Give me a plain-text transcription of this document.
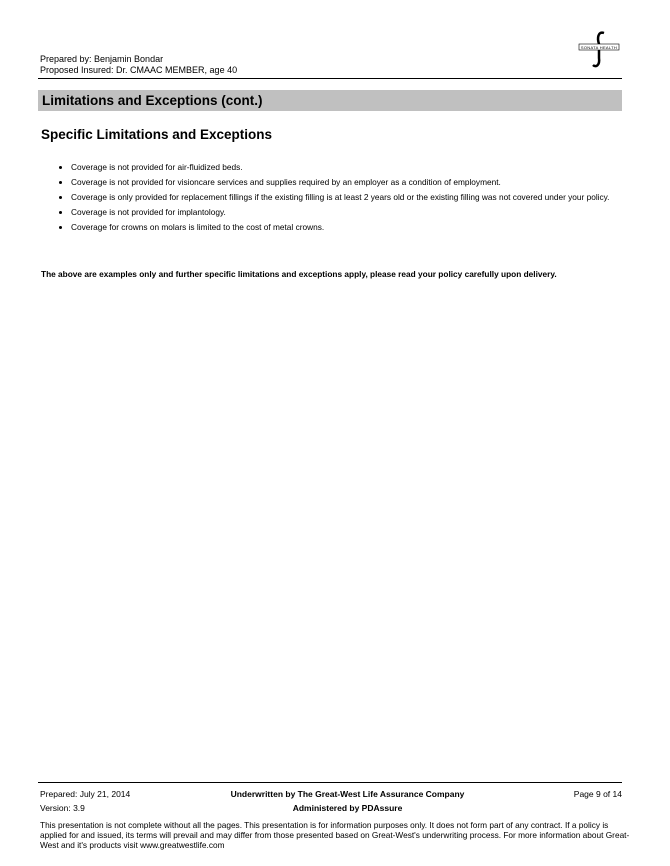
Prepared by: Benjamin Bondar
Proposed Insured: Dr. CMAAC MEMBER, age 40
SONATA HEALTH
Limitations and Exceptions (cont.)
Specific Limitations and Exceptions
• Coverage is not provided for air-fluidized beds.
• Coverage is not provided for visioncare services and supplies required by an employer as a condition of employment.
• Coverage is only provided for replacement fillings if the existing filling is at least 2 years old or the existing filling was not covered under your policy.
• Coverage is not provided for implantology.
• Coverage for crowns on molars is limited to the cost of metal crowns.
The above are examples only and further specific limitations and exceptions apply, please read your policy carefully upon delivery.
Prepared: July 21, 2014
Version: 3.9
Underwritten by The Great-West Life Assurance Company
Administered by PDAssure
Page 9 of 14
This presentation is not complete without all the pages. This presentation is for information purposes only. It does not form part of any contract. If a policy is applied for and issued, its terms will prevail and may differ from those presented based on Great-West's underwriting process. For more information about Great-West and it's products visit www.greatwestlife.com
